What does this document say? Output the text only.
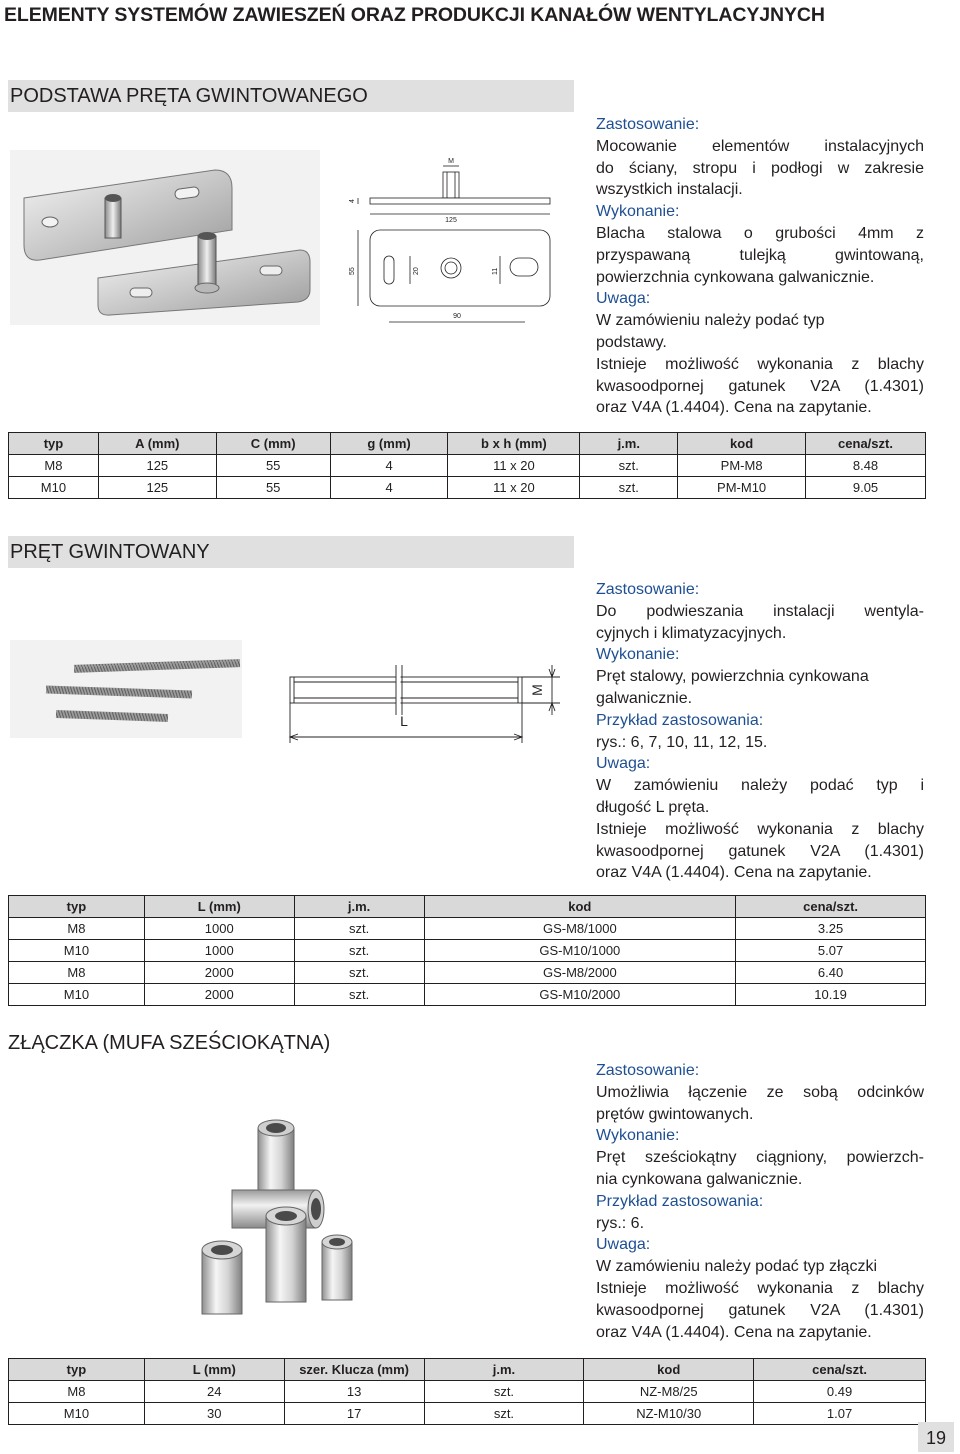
ELEMENTY SYSTEMÓW ZAWIESZEŃ ORAZ PRODUKCJI KANAŁÓW WENTYLACYJNYCH
PODSTAWA PRĘTA GWINTOWANEGO
M
4
125
55	20	11
90
Zastosowanie:
Mocowanie elementów instalacyjnych
do ściany, stropu i podłogi w zakresie
wszystkich instalacji.
Wykonanie:
Blacha stalowa o grubości 4mm z
przyspawaną tulejką gwintowaną,
powierzchnia cynkowana galwanicznie.
Uwaga:
W zamówieniu należy podać typ
podstawy.
Istnieje możliwość wykonania z blachy
kwasoodpornej gatunek V2A (1.4301)
oraz V4A (1.4404). Cena na zapytanie.
typ	A (mm)	C (mm)	g (mm)	b x h (mm)	j.m.	kod	cena/szt.
M8	125	55	4	11 x 20	szt.	PM-M8	8.48
M10	125	55	4	11 x 20	szt.	PM-M10	9.05
PRĘT GWINTOWANY
L
M
Zastosowanie:
Do podwieszania instalacji wentyla-
cyjnych i klimatyzacyjnych.
Wykonanie:
Pręt stalowy, powierzchnia cynkowana
galwanicznie.
Przykład zastosowania:
rys.: 6, 7, 10, 11, 12, 15.
Uwaga:
W zamówieniu należy podać typ i
długość L pręta.
Istnieje możliwość wykonania z blachy
kwasoodpornej gatunek V2A (1.4301)
oraz V4A (1.4404). Cena na zapytanie.
typ	L (mm)	j.m.	kod	cena/szt.
M8	1000	szt.	GS-M8/1000	3.25
M10	1000	szt.	GS-M10/1000	5.07
M8	2000	szt.	GS-M8/2000	6.40
M10	2000	szt.	GS-M10/2000	10.19
ZŁĄCZKA (MUFA SZEŚCIOKĄTNA)
Zastosowanie:
Umożliwia łączenie ze sobą odcinków
prętów gwintowanych.
Wykonanie:
Pręt sześciokątny ciągniony, powierzch-
nia cynkowana galwanicznie.
Przykład zastosowania:
rys.: 6.
Uwaga:
W zamówieniu należy podać typ złączki
Istnieje możliwość wykonania z blachy
kwasoodpornej gatunek V2A (1.4301)
oraz V4A (1.4404). Cena na zapytanie.
typ	L (mm)	szer. Klucza (mm)	j.m.	kod	cena/szt.
M8	24	13	szt.	NZ-M8/25	0.49
M10	30	17	szt.	NZ-M10/30	1.07
19
